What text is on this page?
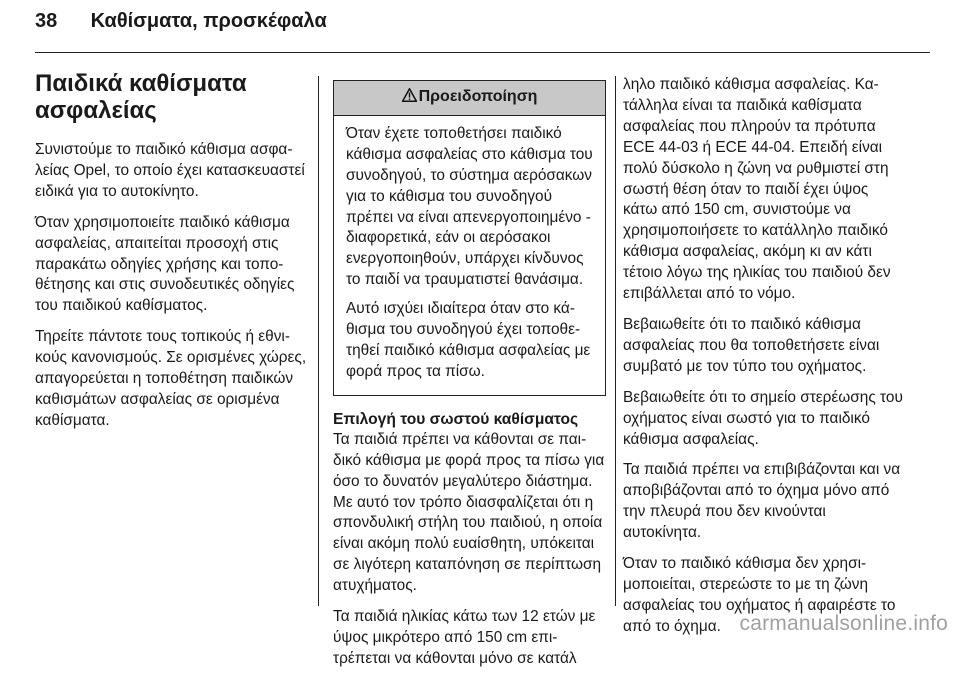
38 Καθίσματα, προσκέφαλα
Παιδικά καθίσματα ασφαλείας

Συνιστούμε το παιδικό κάθισμα ασφαλείας Opel, το οποίο έχει κατασκευαστεί ειδικά για το αυτοκίνητο.

Όταν χρησιμοποιείτε παιδικό κάθισμα ασφαλείας, απαιτείται προσοχή στις παρακάτω οδηγίες χρήσης και τοποθέτησης και στις συνοδευτικές οδηγίες του παιδικού καθίσματος.

Τηρείτε πάντοτε τους τοπικούς ή εθνικούς κανονισμούς. Σε ορισμένες χώρες, απαγορεύεται η τοποθέτηση παιδικών καθισμάτων ασφαλείας σε ορισμένα καθίσματα.

Προειδοποίηση

Όταν έχετε τοποθετήσει παιδικό κάθισμα ασφαλείας στο κάθισμα του συνοδηγού, το σύστημα αερόσακων για το κάθισμα του συνοδηγού πρέπει να είναι απενεργοποιημένο - διαφορετικά, εάν οι αερόσακοι ενεργοποιηθούν, υπάρχει κίνδυνος το παιδί να τραυματιστεί θανάσιμα.

Αυτό ισχύει ιδιαίτερα όταν στο κάθισμα του συνοδηγού έχει τοποθετηθεί παιδικό κάθισμα ασφαλείας με φορά προς τα πίσω.

Επιλογή του σωστού καθίσματος

Τα παιδιά πρέπει να κάθονται σε παιδικό κάθισμα με φορά προς τα πίσω για όσο το δυνατόν μεγαλύτερο διάστημα. Με αυτό τον τρόπο διασφαλίζεται ότι η σπονδυλική στήλη του παιδιού, η οποία είναι ακόμη πολύ ευαίσθητη, υπόκειται σε λιγότερη καταπόνηση σε περίπτωση ατυχήματος.

Τα παιδιά ηλικίας κάτω των 12 ετών με ύψος μικρότερο από 150 cm επιτρέπεται να κάθονται μόνο σε κατάλ

ληλο παιδικό κάθισμα ασφαλείας. Κατάλληλα είναι τα παιδικά καθίσματα ασφαλείας που πληρούν τα πρότυπα ECE 44-03 ή ECE 44-04. Επειδή είναι πολύ δύσκολο η ζώνη να ρυθμιστεί στη σωστή θέση όταν το παιδί έχει ύψος κάτω από 150 cm, συνιστούμε να χρησιμοποιήσετε το κατάλληλο παιδικό κάθισμα ασφαλείας, ακόμη κι αν κάτι τέτοιο λόγω της ηλικίας του παιδιού δεν επιβάλλεται από το νόμο.

Βεβαιωθείτε ότι το παιδικό κάθισμα ασφαλείας που θα τοποθετήσετε είναι συμβατό με τον τύπο του οχήματος.

Βεβαιωθείτε ότι το σημείο στερέωσης του οχήματος είναι σωστό για το παιδικό κάθισμα ασφαλείας.

Τα παιδιά πρέπει να επιβιβάζονται και να αποβιβάζονται από το όχημα μόνο από την πλευρά που δεν κινούνται αυτοκίνητα.

Όταν το παιδικό κάθισμα δεν χρησιμοποιείται, στερεώστε το με τη ζώνη ασφαλείας του οχήματος ή αφαιρέστε το από το όχημα. carmanualsonline.info
